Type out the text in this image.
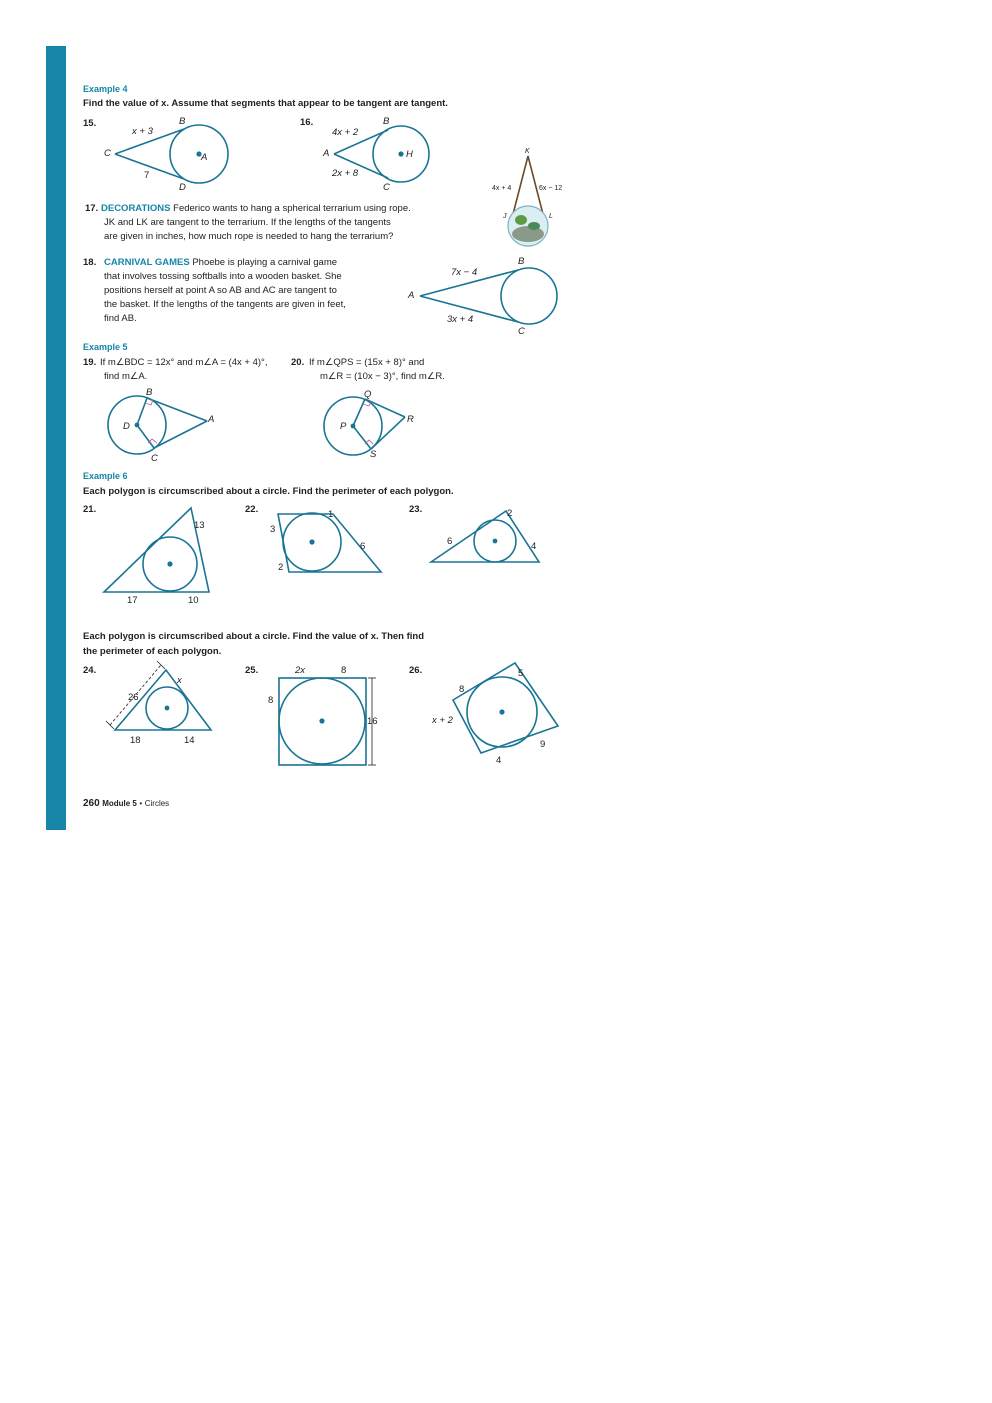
Example 4
Find the value of x. Assume that segments that appear to be tangent are tangent.
15.
x + 3
7
B
C
D
A
16.
4x + 2
2x + 8
B
A
C
H	K
J	L
4x + 4	6x − 12
17. DECORATIONS Federico wants to hang a spherical terrarium using rope.
JK and LK are tangent to the terrarium. If the lengths of the tangents
are given in inches, how much rope is needed to hang the terrarium?
18. CARNIVAL GAMES Phoebe is playing a carnival game
that involves tossing softballs into a wooden basket. She
positions herself at point A so AB and AC are tangent to
the basket. If the lengths of the tangents are given in feet,
find AB.
7x − 4
3x + 4
A
B
C
Example 5
19. If m∠BDC = 12x° and m∠A = (4x + 4)°,
find m∠A.
20. If m∠QPS = (15x + 8)° and
m∠R = (10x − 3)°, find m∠R.
B
D
A
C
Q
P
R
S
Example 6
Each polygon is circumscribed about a circle. Find the perimeter of each polygon.
21.
13
17	10
22.	1
3
6
2
23.	2
6	4
Each polygon is circumscribed about a circle. Find the value of x. Then find
the perimeter of each polygon.
24.
x
26
18	14
25.	2x	8
8
16
26.	5
8
x + 2
9
4
260 Module 5 • Circles
